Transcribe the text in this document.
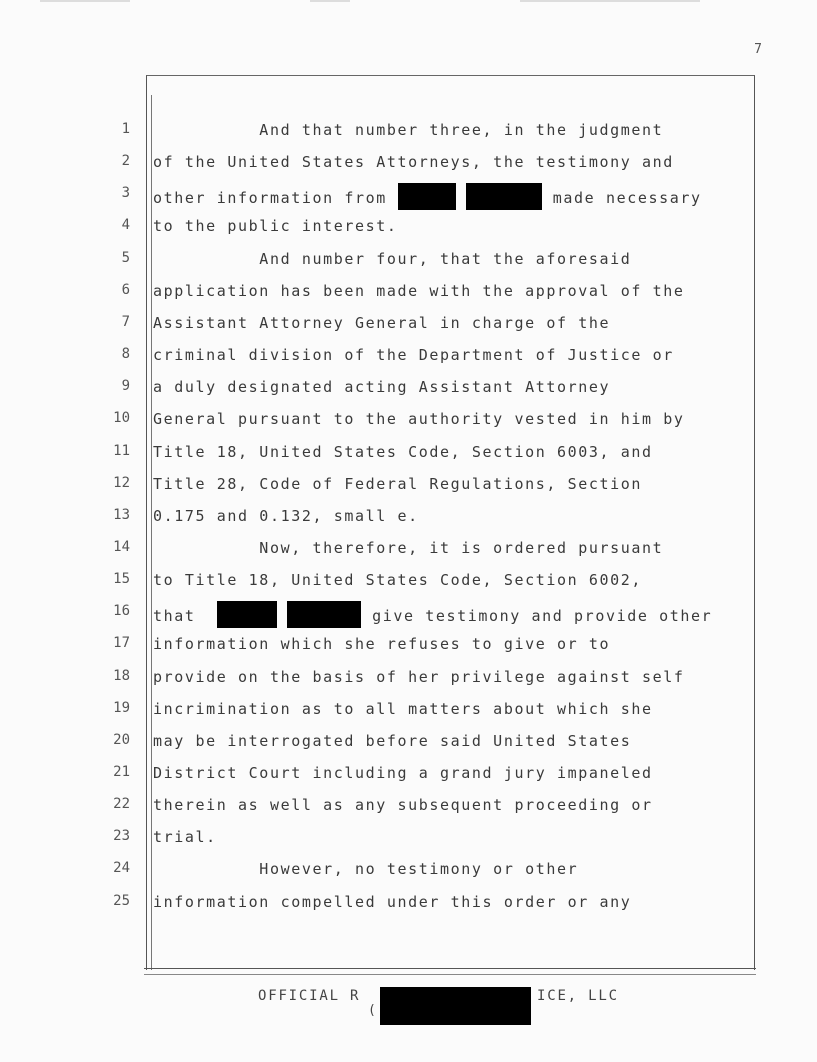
7
1 And that number three, in the judgment
2 of the United States Attorneys, the testimony and
3 other information from	made necessary
4 to the public interest.
5 And number four, that the aforesaid
6 application has been made with the approval of the
7 Assistant Attorney General in charge of the
8 criminal division of the Department of Justice or
9 a duly designated acting Assistant Attorney
10 General pursuant to the authority vested in him by
11 Title 18, United States Code, Section 6003, and
12 Title 28, Code of Federal Regulations, Section
13 0.175 and 0.132, small e.
14 Now, therefore, it is ordered pursuant
15 to Title 18, United States Code, Section 6002,
16 that	give testimony and provide other
17 information which she refuses to give or to
18 provide on the basis of her privilege against self
19 incrimination as to all matters about which she
20 may be interrogated before said United States
21 District Court including a grand jury impaneled
22 therein as well as any subsequent proceeding or
23 trial.
24 However, no testimony or other
25 information compelled under this order or any
OFFICIAL R	ICE, LLC
(
